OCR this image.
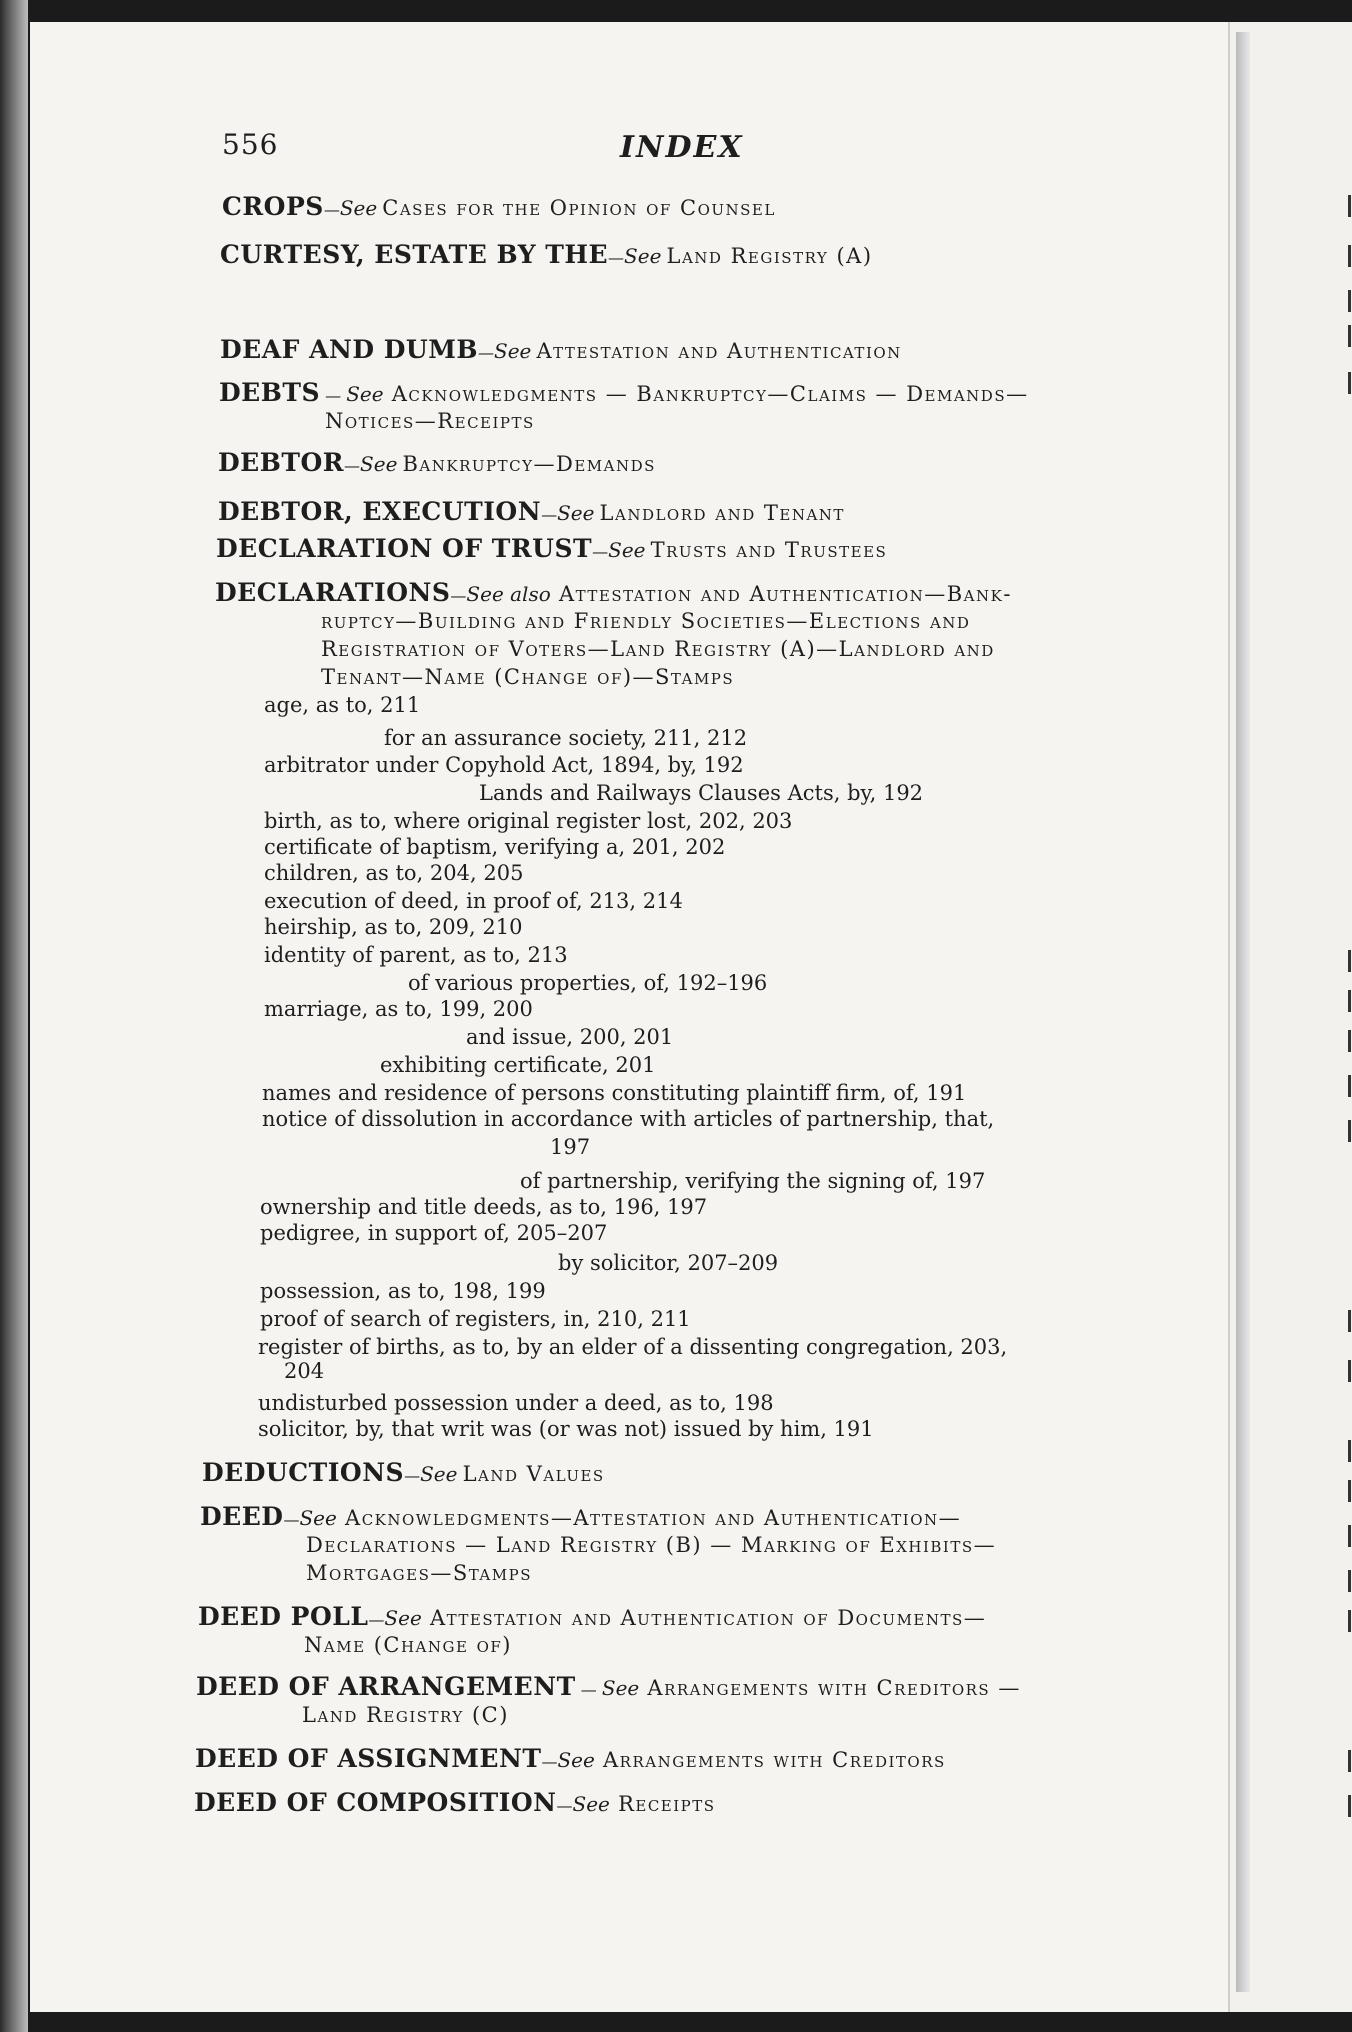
556	INDEX
CROPS—See Cases for the Opinion of Counsel
CURTESY, ESTATE BY THE—See Land Registry (A)
DEAF AND DUMB—See Attestation and Authentication
DEBTS — See Acknowledgments — Bankruptcy—Claims — Demands—
Notices—Receipts
DEBTOR—See Bankruptcy—Demands
DEBTOR, EXECUTION—See Landlord and Tenant
DECLARATION OF TRUST—See Trusts and Trustees
DECLARATIONS—See also Attestation and Authentication—Bank-
ruptcy—Building and Friendly Societies—Elections and
Registration of Voters—Land Registry (A)—Landlord and
Tenant—Name (Change of)—Stamps
age, as to, 211
for an assurance society, 211, 212
arbitrator under Copyhold Act, 1894, by, 192
Lands and Railways Clauses Acts, by, 192
birth, as to, where original register lost, 202, 203
certificate of baptism, verifying a, 201, 202
children, as to, 204, 205
execution of deed, in proof of, 213, 214
heirship, as to, 209, 210
identity of parent, as to, 213
of various properties, of, 192–196
marriage, as to, 199, 200
and issue, 200, 201
exhibiting certificate, 201
names and residence of persons constituting plaintiff firm, of, 191
notice of dissolution in accordance with articles of partnership, that,
197
of partnership, verifying the signing of, 197
ownership and title deeds, as to, 196, 197
pedigree, in support of, 205–207
by solicitor, 207–209
possession, as to, 198, 199
proof of search of registers, in, 210, 211
register of births, as to, by an elder of a dissenting congregation, 203,
204
undisturbed possession under a deed, as to, 198
solicitor, by, that writ was (or was not) issued by him, 191
DEDUCTIONS—See Land Values
DEED—See Acknowledgments—Attestation and Authentication—
Declarations — Land Registry (B) — Marking of Exhibits—
Mortgages—Stamps
DEED POLL—See Attestation and Authentication of Documents—
Name (Change of)
DEED OF ARRANGEMENT — See Arrangements with Creditors —
Land Registry (C)
DEED OF ASSIGNMENT—See Arrangements with Creditors
DEED OF COMPOSITION—See Receipts
